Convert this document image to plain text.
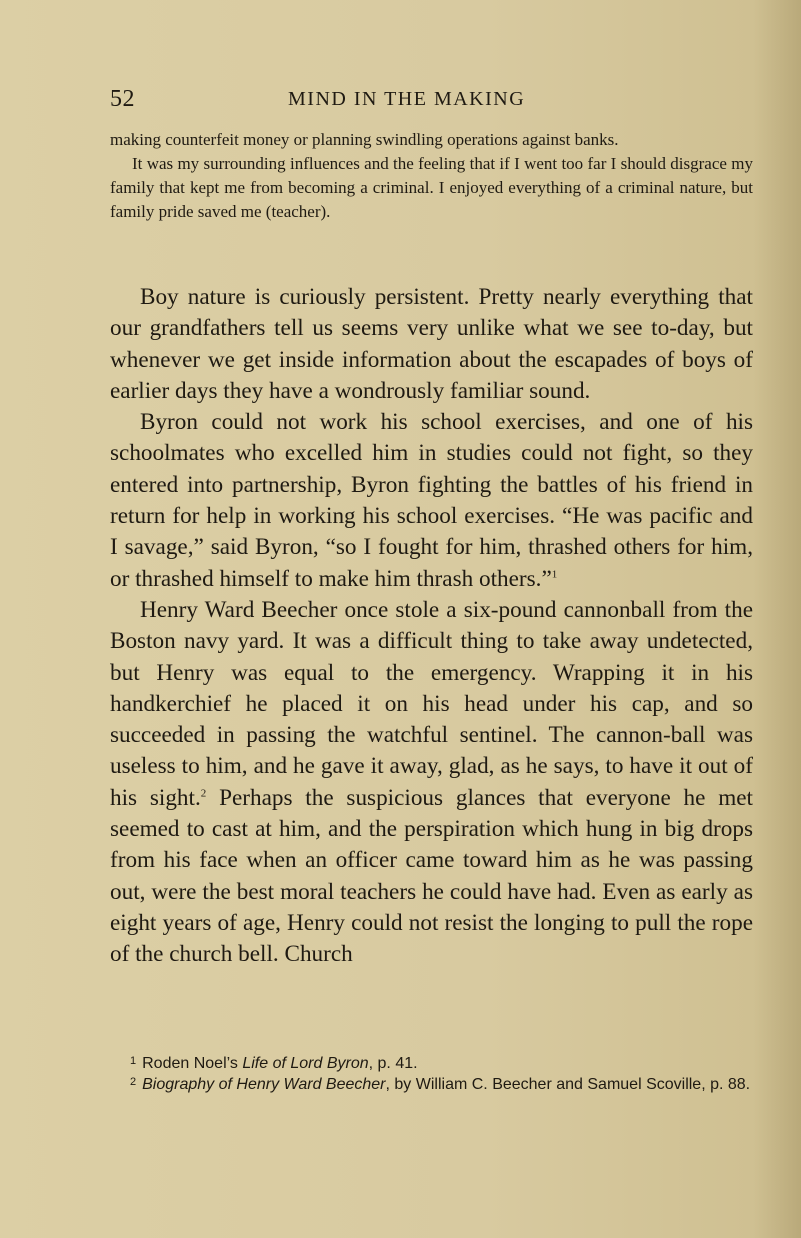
52	MIND IN THE MAKING

making counterfeit money or planning swindling operations against banks.

It was my surrounding influences and the feeling that if I went too far I should disgrace my family that kept me from becoming a criminal. I enjoyed everything of a criminal nature, but family pride saved me (teacher).

Boy nature is curiously persistent. Pretty nearly everything that our grandfathers tell us seems very unlike what we see to-day, but whenever we get inside information about the escapades of boys of earlier days they have a wondrously familiar sound.

Byron could not work his school exercises, and one of his schoolmates who excelled him in studies could not fight, so they entered into partnership, Byron fighting the battles of his friend in return for help in working his school exercises. “He was pacific and I savage,” said Byron, “so I fought for him, thrashed others for him, or thrashed himself to make him thrash others.”$^1$

Henry Ward Beecher once stole a six-pound cannonball from the Boston navy yard. It was a difficult thing to take away undetected, but Henry was equal to the emergency. Wrapping it in his handkerchief he placed it on his head under his cap, and so succeeded in passing the watchful sentinel. The cannon-ball was useless to him, and he gave it away, glad, as he says, to have it out of his sight.$^2$ Perhaps the suspicious glances that everyone he met seemed to cast at him, and the perspiration which hung in big drops from his face when an officer came toward him as he was passing out, were the best moral teachers he could have had. Even as early as eight years of age, Henry could not resist the longing to pull the rope of the church bell. Church

$^1$ Roden Noel’s Life of Lord Byron, p. 41.

$^2$ Biography of Henry Ward Beecher, by William C. Beecher and Samuel Scoville, p. 88.
